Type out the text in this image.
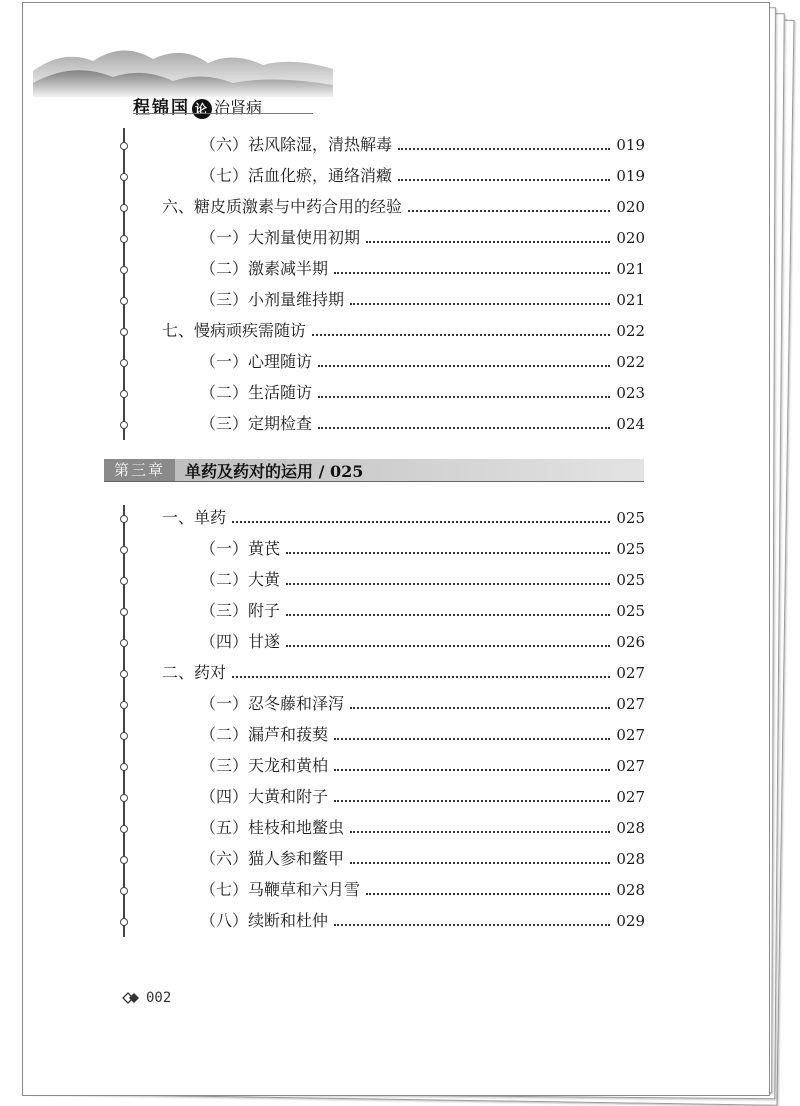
程锦国 论 治肾病
（六）祛风除湿，清热解毒	019
（七）活血化瘀，通络消癥	019
六、糖皮质激素与中药合用的经验	020
（一）大剂量使用初期	020
（二）激素减半期	021
（三）小剂量维持期	021
七、慢病顽疾需随访	022
（一）心理随访	022
（二）生活随访	023
（三）定期检查	024
第三章	单药及药对的运用 / 025
一、单药	025
（一）黄芪	025
（二）大黄	025
（三）附子	025
（四）甘遂	026
二、药对	027
（一）忍冬藤和泽泻	027
（二）漏芦和菝葜	027
（三）天龙和黄柏	027
（四）大黄和附子	027
（五）桂枝和地鳖虫	028
（六）猫人参和鳖甲	028
（七）马鞭草和六月雪	028
（八）续断和杜仲	029
002
